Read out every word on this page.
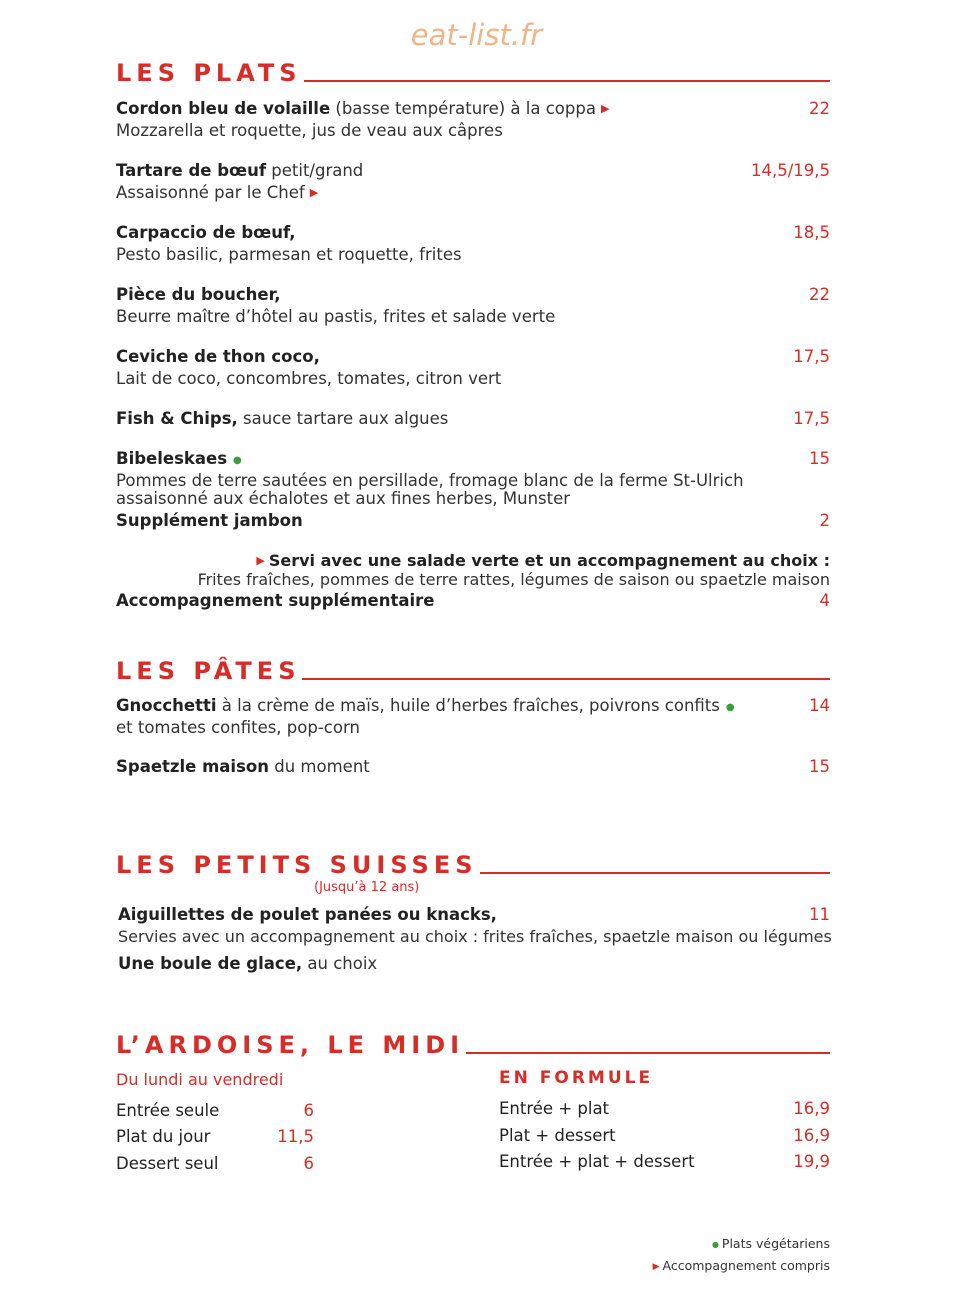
eat-list.fr
LES PLATS
Cordon bleu de volaille (basse température) à la coppa ▶	22
Mozzarella et roquette, jus de veau aux câpres
Tartare de bœuf petit/grand	14,5/19,5
Assaisonné par le Chef ▶
Carpaccio de bœuf,	18,5
Pesto basilic, parmesan et roquette, frites
Pièce du boucher,	22
Beurre maître d’hôtel au pastis, frites et salade verte
Ceviche de thon coco,	17,5
Lait de coco, concombres, tomates, citron vert
Fish & Chips, sauce tartare aux algues	17,5
Bibeleskaes ●	15
Pommes de terre sautées en persillade, fromage blanc de la ferme St-Ulrich
assaisonné aux échalotes et aux fines herbes, Munster
Supplément jambon	2
▶ Servi avec une salade verte et un accompagnement au choix :
Frites fraîches, pommes de terre rattes, légumes de saison ou spaetzle maison
Accompagnement supplémentaire	4
LES PÂTES
Gnocchetti à la crème de maïs, huile d’herbes fraîches, poivrons confits ●	14
et tomates confites, pop-corn
Spaetzle maison du moment	15
LES PETITS SUISSES
(Jusqu’à 12 ans)
Aiguillettes de poulet panées ou knacks,	11
Servies avec un accompagnement au choix : frites fraîches, spaetzle maison ou légumes
Une boule de glace, au choix
L’ARDOISE, LE MIDI
Du lundi au vendredi
Entrée seule	6
Plat du jour	11,5
Dessert seul	6
EN FORMULE
Entrée + plat	16,9
Plat + dessert	16,9
Entrée + plat + dessert	19,9
● Plats végétariens
▶ Accompagnement compris
